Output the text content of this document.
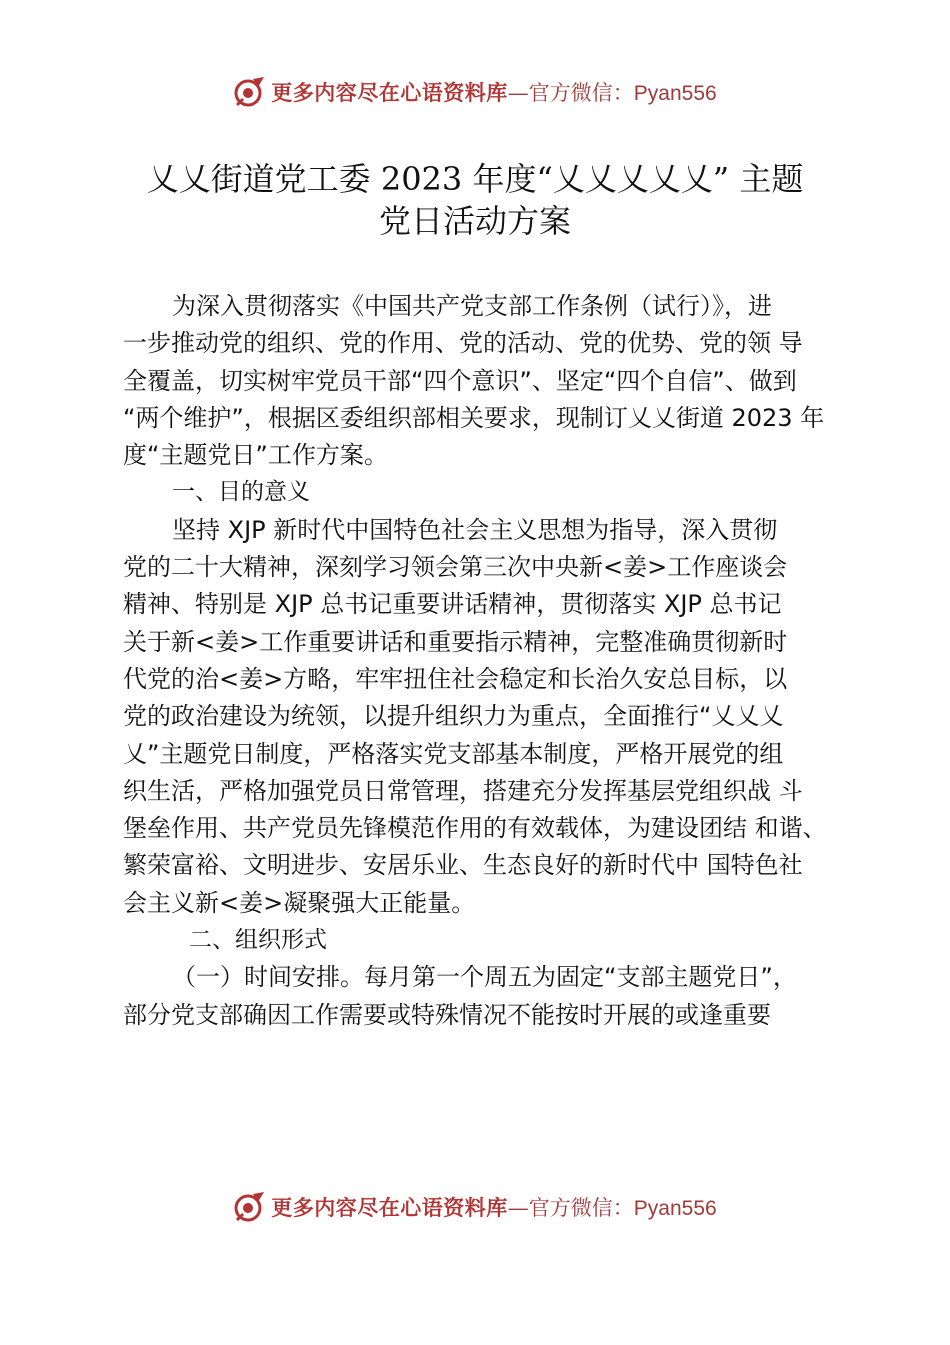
更多内容尽在心语资料库 —官方微信：Pyan556
乂乂街道党工委 2023 年度“乂乂乂乂乂” 主题
党日活动方案
为深入贯彻落实《中国共产党支部工作条例（试行）》，进
一步推动党的组织、党的作用、党的活动、党的优势、党的领 导
全覆盖，切实树牢党员干部“四个意识”、坚定“四个自信”、做到
“两个维护”，根据区委组织部相关要求，现制订乂乂街道 2023 年
度“主题党日”工作方案。
一、目的意义
坚持 XJP 新时代中国特色社会主义思想为指导，深入贯彻
党的二十大精神，深刻学习领会第三次中央新<姜>工作座谈会
精神、特别是 XJP 总书记重要讲话精神，贯彻落实 XJP 总书记
关于新<姜>工作重要讲话和重要指示精神，完整准确贯彻新时
代党的治<姜>方略，牢牢扭住社会稳定和长治久安总目标，以
党的政治建设为统领，以提升组织力为重点，全面推行“乂乂乂
乂”主题党日制度，严格落实党支部基本制度，严格开展党的组
织生活，严格加强党员日常管理，搭建充分发挥基层党组织战 斗
堡垒作用、共产党员先锋模范作用的有效载体，为建设团结 和谐、
繁荣富裕、文明进步、安居乐业、生态良好的新时代中 国特色社
会主义新<姜>凝聚强大正能量。
二、组织形式
（一）时间安排。每月第一个周五为固定“支部主题党日”，
部分党支部确因工作需要或特殊情况不能按时开展的或逢重要
更多内容尽在心语资料库 —官方微信：Pyan556
